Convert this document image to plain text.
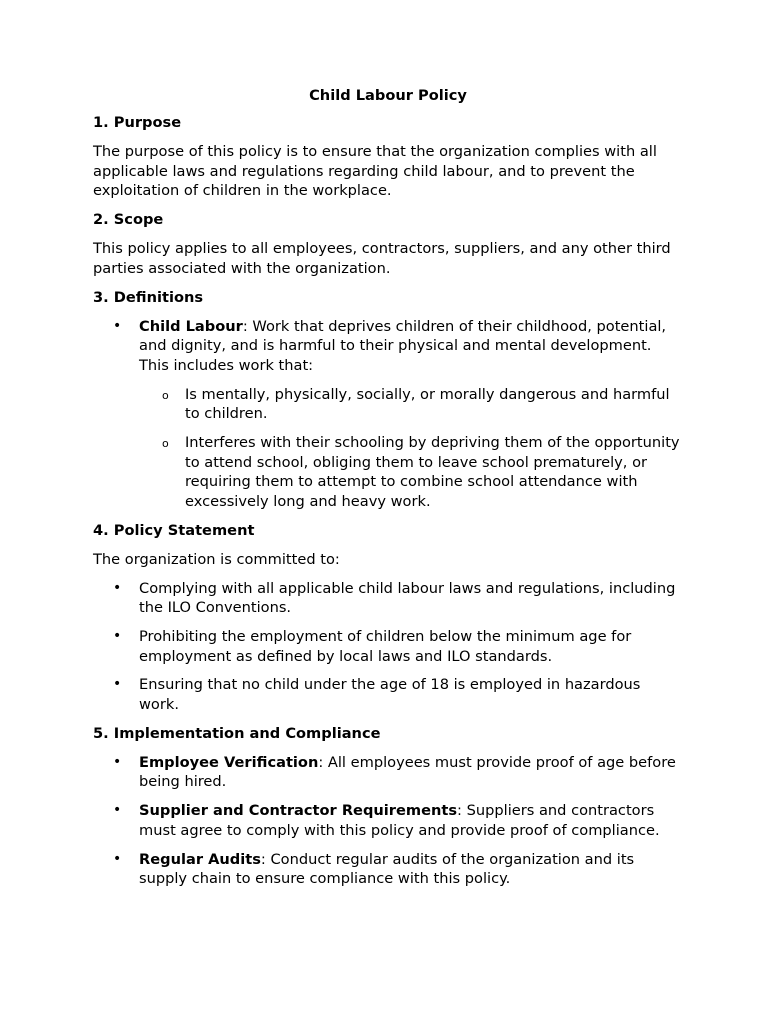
Child Labour Policy
1. Purpose

The purpose of this policy is to ensure that the organization complies with all applicable laws and regulations regarding child labour, and to prevent the exploitation of children in the workplace.

2. Scope

This policy applies to all employees, contractors, suppliers, and any other third parties associated with the organization.

3. Definitions
• Child Labour: Work that deprives children of their childhood, potential, and dignity, and is harmful to their physical and mental development. This includes work that:
o Is mentally, physically, socially, or morally dangerous and harmful to children.
o Interferes with their schooling by depriving them of the opportunity to attend school, obliging them to leave school prematurely, or requiring them to attempt to combine school attendance with excessively long and heavy work.
4. Policy Statement

The organization is committed to:

• Complying with all applicable child labour laws and regulations, including the ILO Conventions.
• Prohibiting the employment of children below the minimum age for employment as defined by local laws and ILO standards.
• Ensuring that no child under the age of 18 is employed in hazardous work.
5. Implementation and Compliance
• Employee Verification: All employees must provide proof of age before being hired.
• Supplier and Contractor Requirements: Suppliers and contractors must agree to comply with this policy and provide proof of compliance.
• Regular Audits: Conduct regular audits of the organization and its supply chain to ensure compliance with this policy.
